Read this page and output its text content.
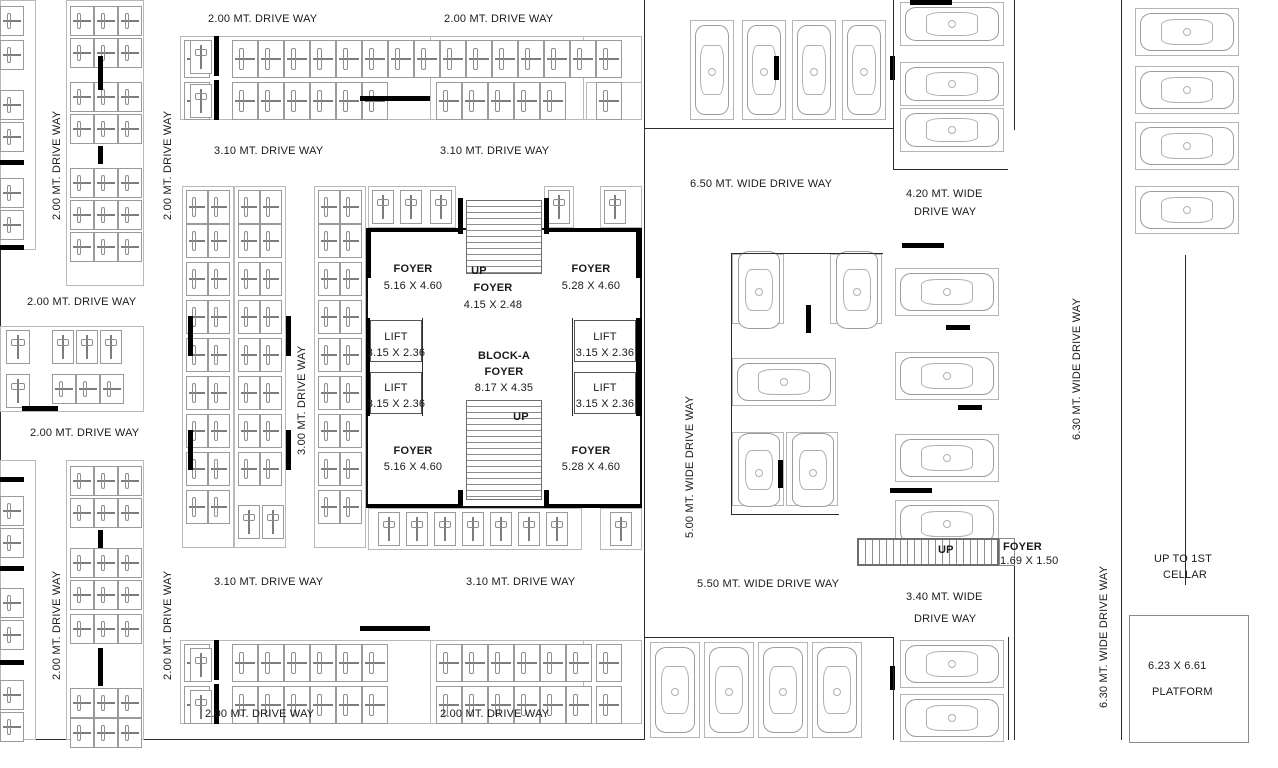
FOYER
5.16 X 4.60
UP
FOYER
4.15 X 2.48
FOYER
5.28 X 4.60
LIFT
3.15 X 2.36
LIFT
3.15 X 2.36
LIFT
3.15 X 2.36
LIFT
3.15 X 2.36
BLOCK-A
FOYER
8.17 X 4.35
UP
FOYER
5.16 X 4.60
FOYER
5.28 X 4.60
UP	FOYER
1.69 X 1.50
6.23 X 6.61
PLATFORM
2.00 MT. DRIVE WAY	2.00 MT. DRIVE WAY
3.10 MT. DRIVE WAY	3.10 MT. DRIVE WAY
3.10 MT. DRIVE WAY	3.10 MT. DRIVE WAY
2.00 MT. DRIVE WAY	2.00 MT. DRIVE WAY
2.00 MT. DRIVE WAY
2.00 MT. DRIVE WAY
2.00 MT. DRIVE WAY	2.00 MT. DRIVE WAY
3.00 MT. DRIVE WAY
2.00 MT. DRIVE WAY	2.00 MT. DRIVE WAY
6.50 MT. WIDE DRIVE WAY
4.20 MT. WIDE
DRIVE WAY
5.00 MT. WIDE DRIVE WAY
6.30 MT. WIDE DRIVE WAY
6.30 MT. WIDE DRIVE WAY
5.50 MT. WIDE DRIVE WAY
3.40 MT. WIDE
DRIVE WAY
UP TO 1ST
CELLAR
